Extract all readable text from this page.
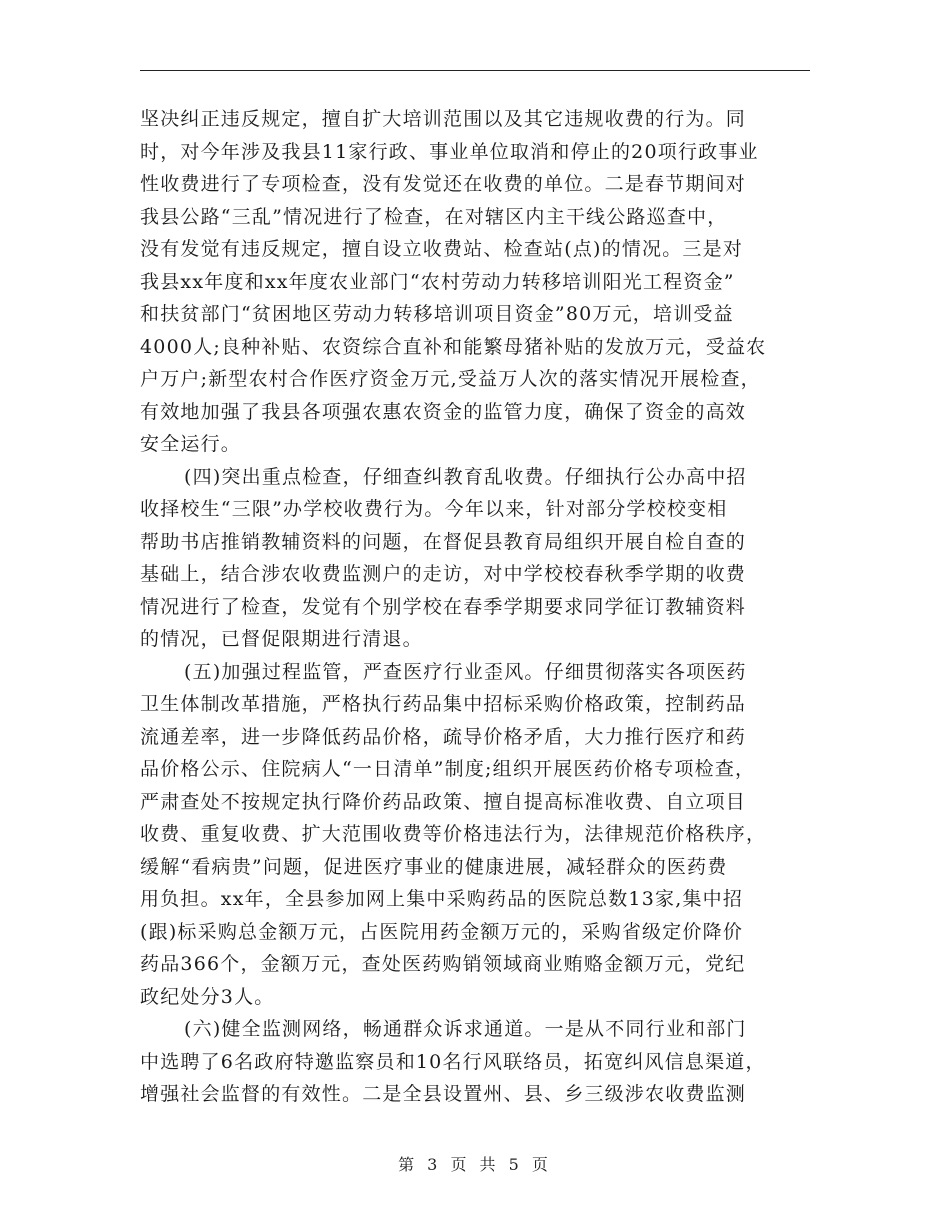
坚决纠正违反规定，擅自扩大培训范围以及其它违规收费的行为。同
时，对今年涉及我县11家行政、事业单位取消和停止的20项行政事业
性收费进行了专项检查，没有发觉还在收费的单位。二是春节期间对
我县公路“三乱”情况进行了检查，在对辖区内主干线公路巡查中，
没有发觉有违反规定，擅自设立收费站、检查站(点)的情况。三是对
我县xx年度和xx年度农业部门“农村劳动力转移培训阳光工程资金”
和扶贫部门“贫困地区劳动力转移培训项目资金”80万元，培训受益
4000人;良种补贴、农资综合直补和能繁母猪补贴的发放万元，受益农
户万户;新型农村合作医疗资金万元,受益万人次的落实情况开展检查，
有效地加强了我县各项强农惠农资金的监管力度，确保了资金的高效
安全运行。
(四)突出重点检查，仔细查纠教育乱收费。仔细执行公办高中招
收择校生“三限”办学校收费行为。今年以来，针对部分学校校变相
帮助书店推销教辅资料的问题，在督促县教育局组织开展自检自查的
基础上，结合涉农收费监测户的走访，对中学校校春秋季学期的收费
情况进行了检查，发觉有个别学校在春季学期要求同学征订教辅资料
的情况，已督促限期进行清退。
(五)加强过程监管，严查医疗行业歪风。仔细贯彻落实各项医药
卫生体制改革措施，严格执行药品集中招标采购价格政策，控制药品
流通差率，进一步降低药品价格，疏导价格矛盾，大力推行医疗和药
品价格公示、住院病人“一日清单”制度;组织开展医药价格专项检查，
严肃查处不按规定执行降价药品政策、擅自提高标准收费、自立项目
收费、重复收费、扩大范围收费等价格违法行为，法律规范价格秩序，
缓解“看病贵”问题，促进医疗事业的健康进展，减轻群众的医药费
用负担。xx年，全县参加网上集中采购药品的医院总数13家,集中招
(跟)标采购总金额万元，占医院用药金额万元的，采购省级定价降价
药品366个，金额万元，查处医药购销领域商业贿赂金额万元，党纪
政纪处分3人。
(六)健全监测网络，畅通群众诉求通道。一是从不同行业和部门
中选聘了6名政府特邀监察员和10名行风联络员，拓宽纠风信息渠道，
增强社会监督的有效性。二是全县设置州、县、乡三级涉农收费监测
第 3 页 共 5 页
